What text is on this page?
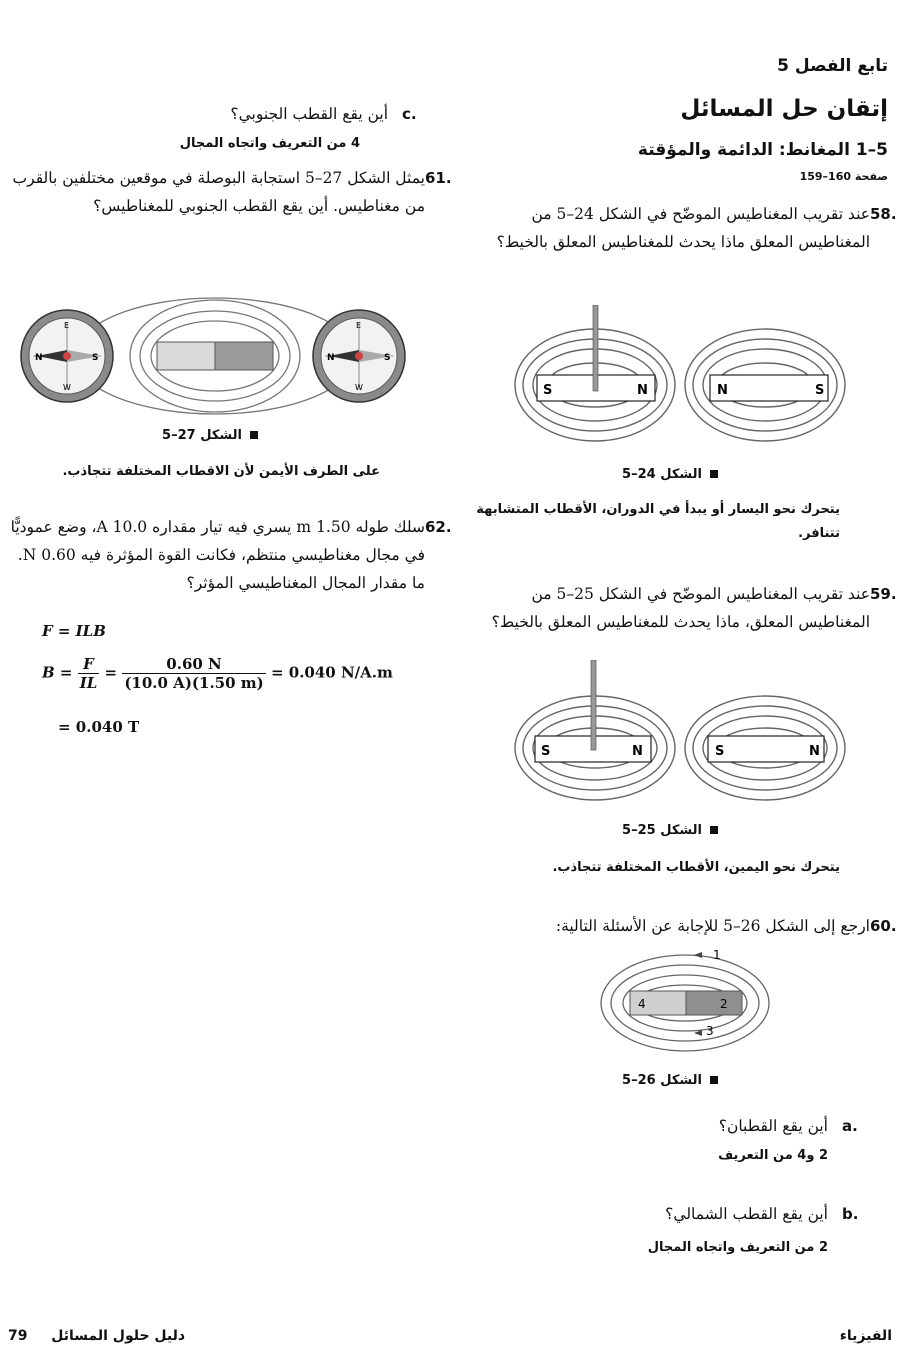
تابع الفصل 5
إتقان حل المسائل
5–1 المغانط: الدائمة والمؤقتة
صفحة 160–159
.58
عند تقريب المغناطيس الموضّح في الشكل 24–5 من المغناطيس المعلق ماذا يحدث للمغناطيس المعلق بالخيط؟
S	N	N	S
الشكل 24–5
يتحرك نحو اليسار أو يبدأ في الدوران، الأقطاب المتشابهة تتنافر.
.59
عند تقريب المغناطيس الموضّح في الشكل 25–5 من المغناطيس المعلق، ماذا يحدث للمغناطيس المعلق بالخيط؟
S	N	S	N
الشكل 25–5
يتحرك نحو اليمين، الأقطاب المختلفة تتجاذب.
.60
ارجع إلى الشكل 26–5 للإجابة عن الأسئلة التالية:
1
2
3
4
الشكل 26–5
.a
أين يقع القطبان؟
2 و4 من التعريف
.b
أين يقع القطب الشمالي؟
2 من التعريف واتجاه المجال
.c
أين يقع القطب الجنوبي؟
4 من التعريف واتجاه المجال
.61
يمثل الشكل 27–5 استجابة البوصلة في موقعين مختلفين بالقرب من مغناطيس. أين يقع القطب الجنوبي للمغناطيس؟
N	S
E
W
N	S
E
W
الشكل 27–5
على الطرف الأيمن لأن الاقطاب المختلفة تتجاذب.
.62
سلك طوله 1.50 m يسري فيه تيار مقداره 10.0 A، وضع عموديًّا في مجال مغناطيسي منتظم، فكانت القوة المؤثرة فيه 0.60 N. ما مقدار المجال المغناطيسي المؤثر؟
F = ILB
$B = \frac{F}{IL} = \frac{0.60 N}{(10.0 A)(1.50 m)} = 0.040$ N/A.m
= 0.040 T
79 دليل حلول المسائل	الفيزياء
